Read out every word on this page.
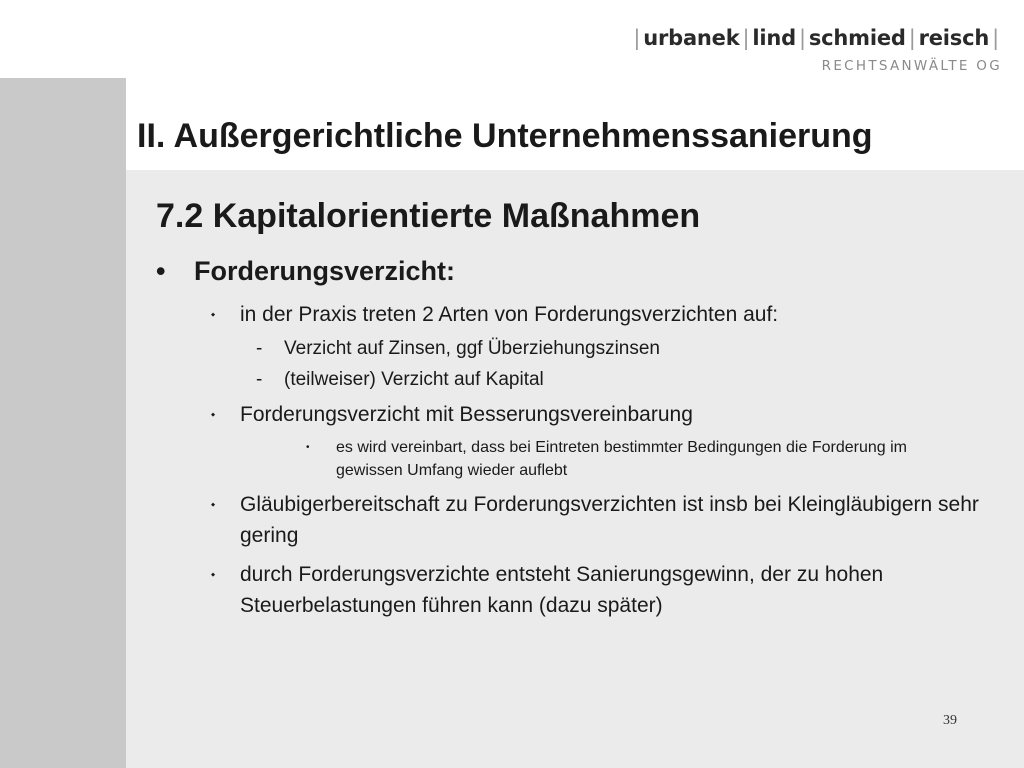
| urbanek | lind | schmied | reisch |
RECHTSANWÄLTE OG
II. Außergerichtliche Unternehmenssanierung
7.2 Kapitalorientierte Maßnahmen
• Forderungsverzicht:
⬩ in der Praxis treten 2 Arten von Forderungsverzichten auf:
- Verzicht auf Zinsen, ggf Überziehungszinsen
- (teilweiser) Verzicht auf Kapital
⬩ Forderungsverzicht mit Besserungsvereinbarung
• es wird vereinbart, dass bei Eintreten bestimmter Bedingungen die Forderung im gewissen Umfang wieder auflebt
⬩ Gläubigerbereitschaft zu Forderungsverzichten ist insb bei Kleingläubigern sehr gering
⬩ durch Forderungsverzichte entsteht Sanierungsgewinn, der zu hohen Steuerbelastungen führen kann (dazu später)
39
